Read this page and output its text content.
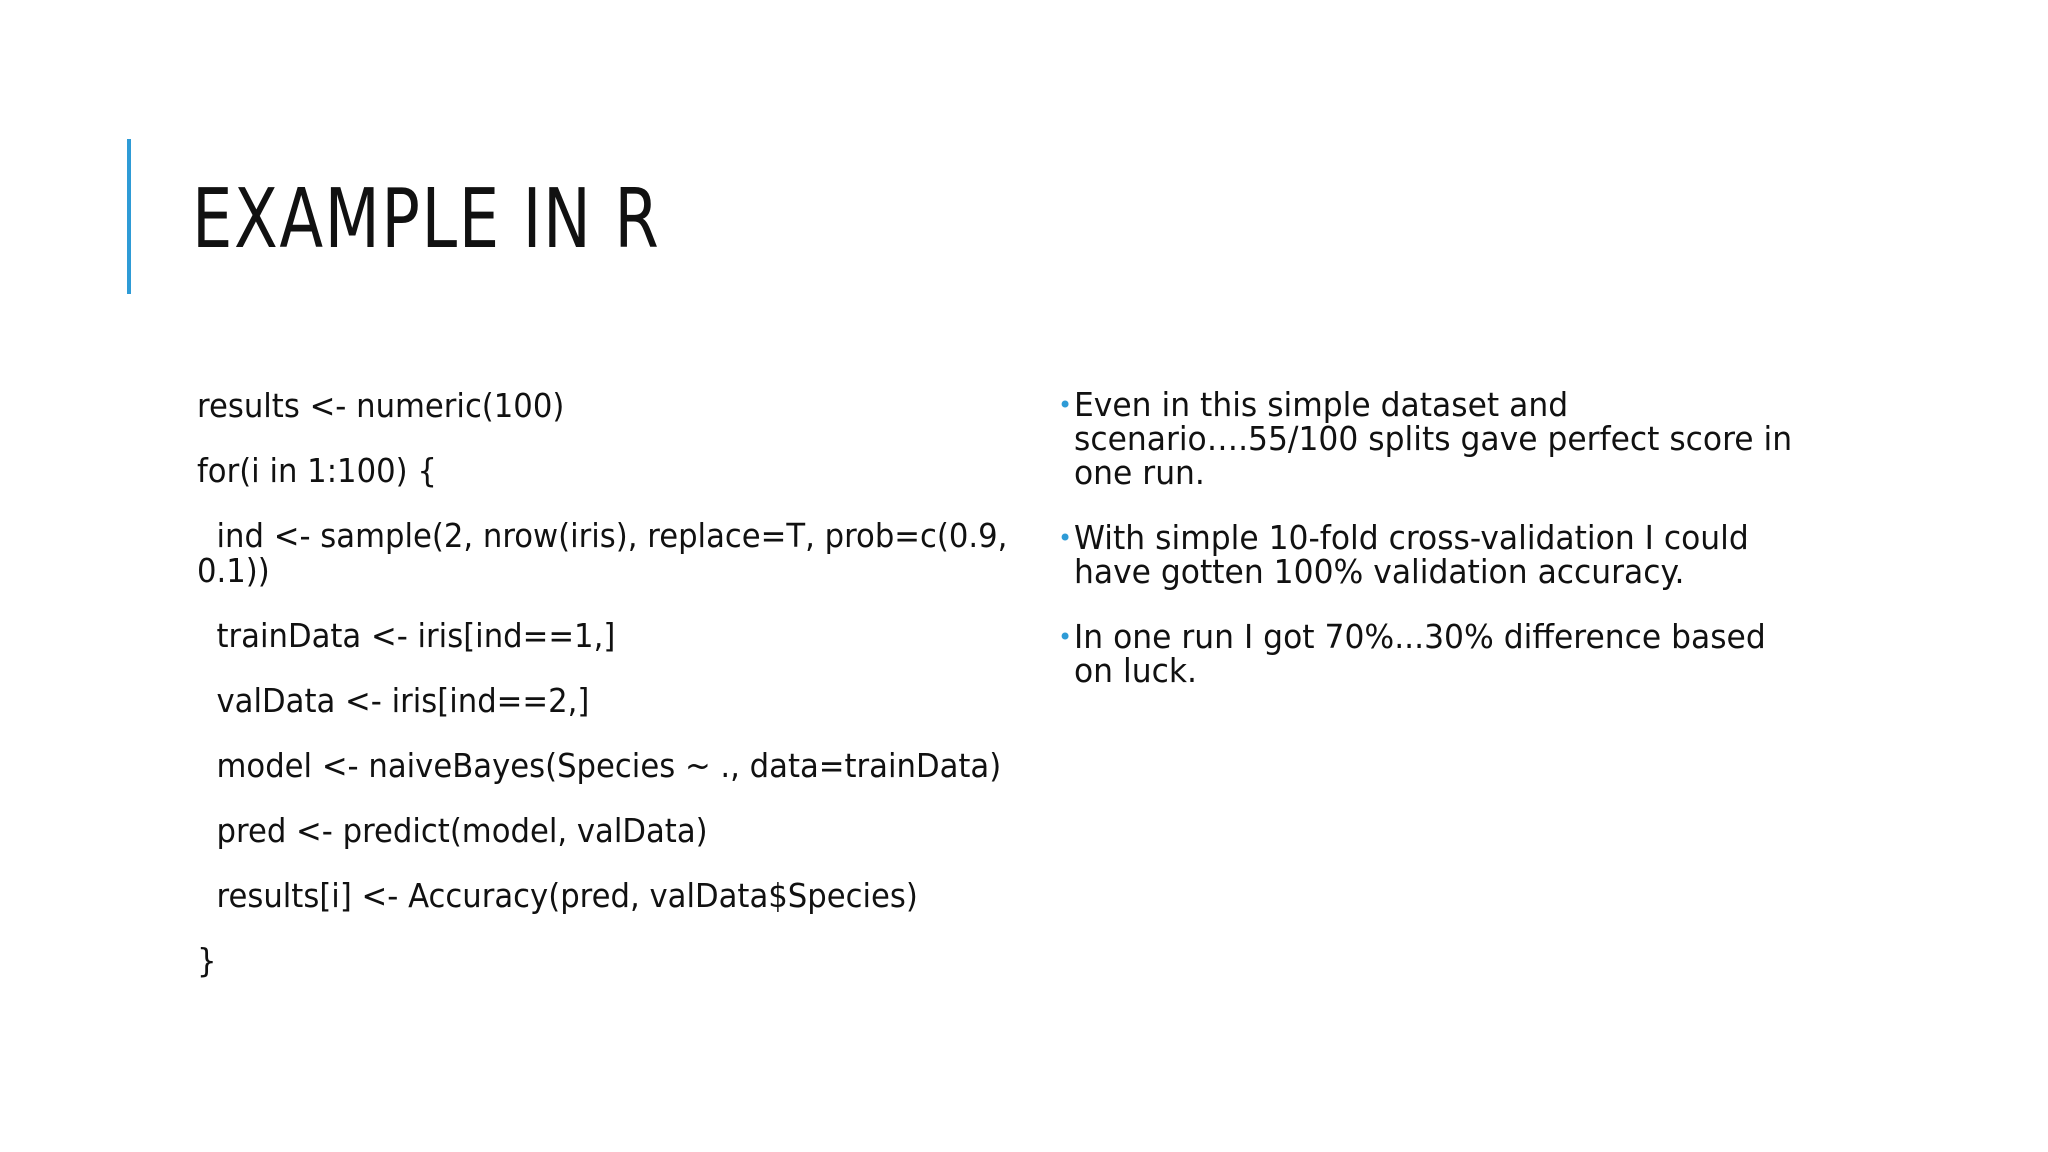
EXAMPLE IN R

results <- numeric(100)

for(i in 1:100) {

ind <- sample(2, nrow(iris), replace=T, prob=c(0.9, 0.1))

trainData <- iris[ind==1,]

valData <- iris[ind==2,]

model <- naiveBayes(Species ~ ., data=trainData)

pred <- predict(model, valData)

results[i] <- Accuracy(pred, valData$Species)

}

• Even in this simple dataset and scenario….55/100 splits gave perfect score in one run.
• With simple 10-fold cross-validation I could have gotten 100% validation accuracy.
• In one run I got 70%...30% difference based on luck.
